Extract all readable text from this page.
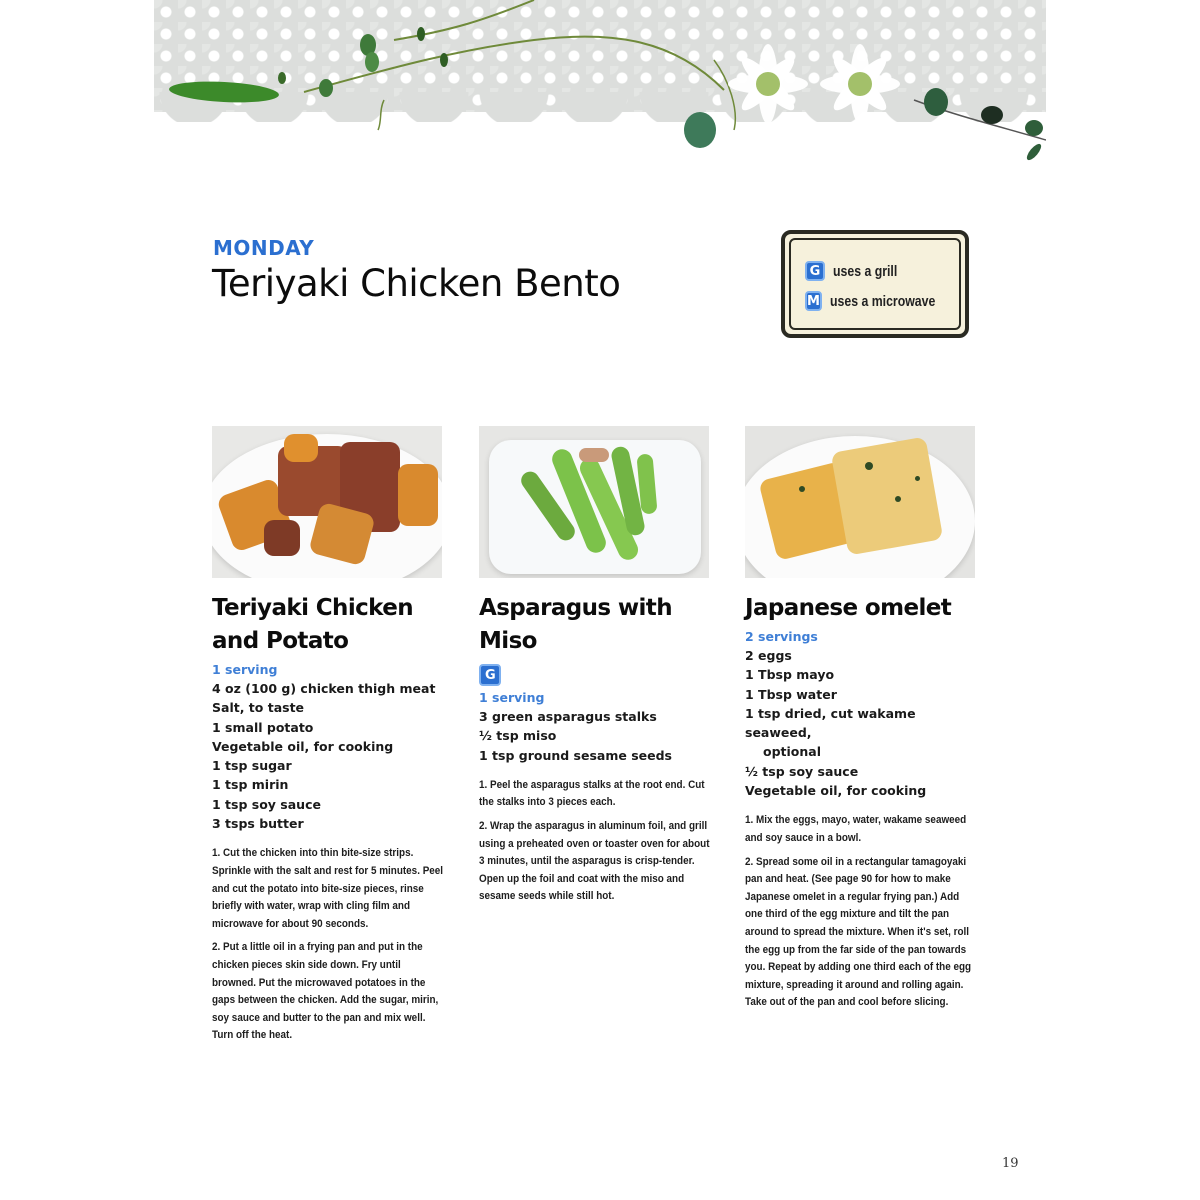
MONDAY
Teriyaki Chicken Bento	G uses a grill
M uses a microwave
Teriyaki Chicken and Potato
1 serving
4 oz (100 g) chicken thigh meat
Salt, to taste
1 small potato
Vegetable oil, for cooking
1 tsp sugar
1 tsp mirin
1 tsp soy sauce
3 tsps butter

1. Cut the chicken into thin bite-size strips. Sprinkle with the salt and rest for 5 minutes. Peel and cut the potato into bite-size pieces, rinse briefly with water, wrap with cling film and microwave for about 90 seconds.

2. Put a little oil in a frying pan and put in the chicken pieces skin side down. Fry until browned. Put the microwaved potatoes in the gaps between the chicken. Add the sugar, mirin, soy sauce and butter to the pan and mix well. Turn off the heat.

Asparagus with Miso
G
1 serving
3 green asparagus stalks
½ tsp miso
1 tsp ground sesame seeds

1. Peel the asparagus stalks at the root end. Cut the stalks into 3 pieces each.

2. Wrap the asparagus in aluminum foil, and grill using a preheated oven or toaster oven for about 3 minutes, until the asparagus is crisp-tender. Open up the foil and coat with the miso and sesame seeds while still hot.

Japanese omelet
2 servings
2 eggs
1 Tbsp mayo
1 Tbsp water
1 tsp dried, cut wakame seaweed,
optional
½ tsp soy sauce
Vegetable oil, for cooking

1. Mix the eggs, mayo, water, wakame seaweed and soy sauce in a bowl.

2. Spread some oil in a rectangular tamagoyaki pan and heat. (See page 90 for how to make Japanese omelet in a regular frying pan.) Add one third of the egg mixture and tilt the pan around to spread the mixture. When it's set, roll the egg up from the far side of the pan towards you. Repeat by adding one third each of the egg mixture, spreading it around and rolling again. Take out of the pan and cool before slicing.

19
